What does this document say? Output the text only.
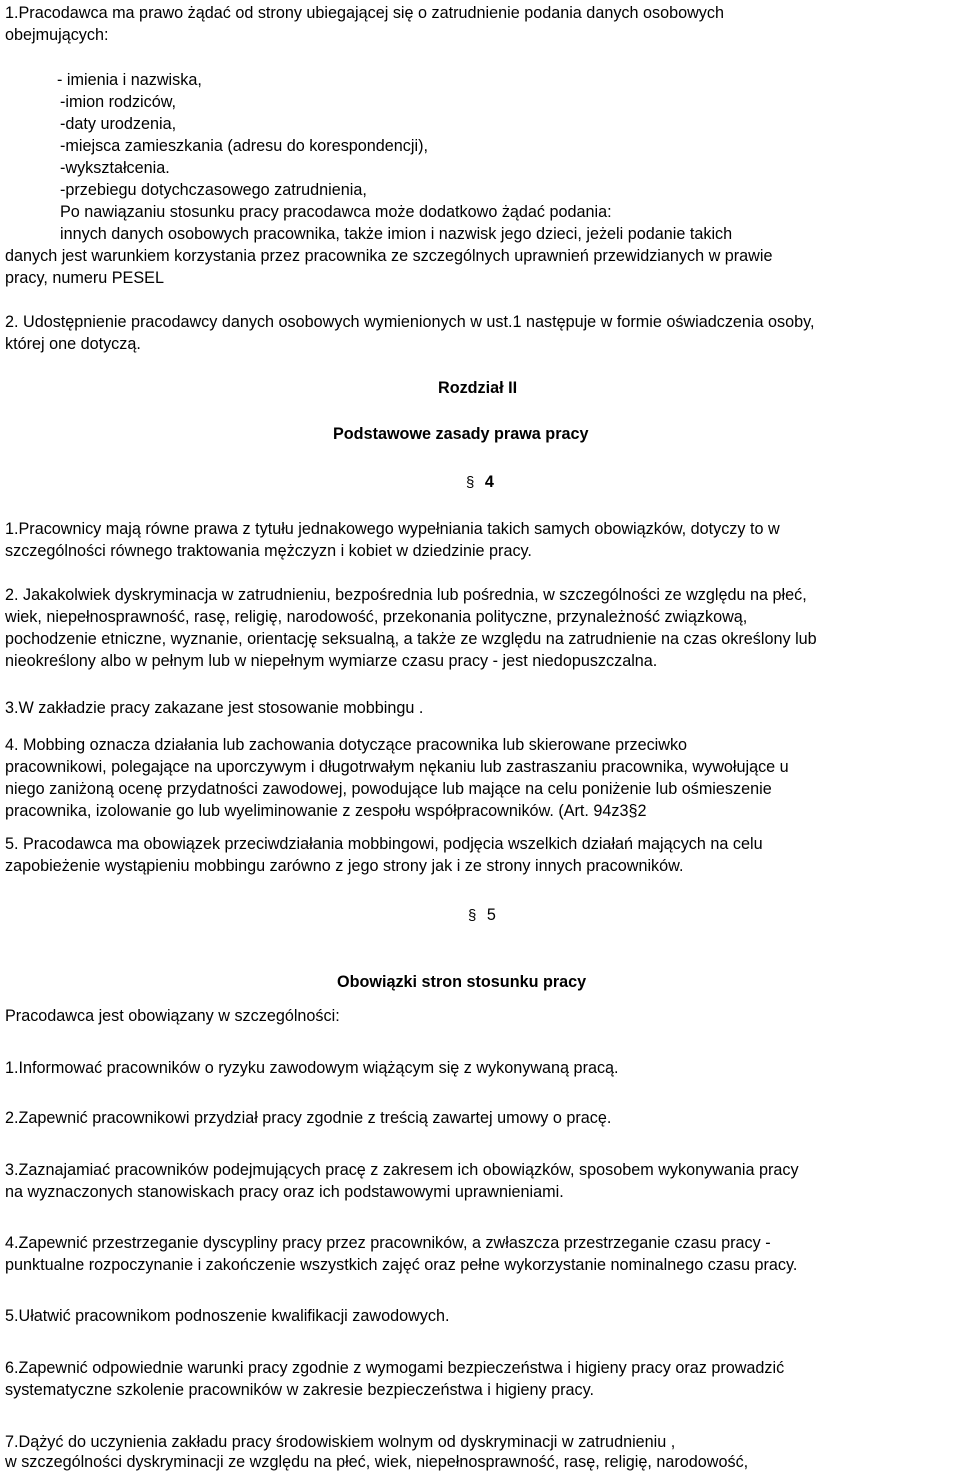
1.Pracodawca ma prawo żądać od strony ubiegającej się o zatrudnienie podania danych osobowych
obejmujących:
- imienia i nazwiska,
-imion rodziców,
-daty urodzenia,
-miejsca zamieszkania (adresu do korespondencji),
-wykształcenia.
-przebiegu dotychczasowego zatrudnienia,
Po nawiązaniu stosunku pracy pracodawca może dodatkowo żądać podania:
innych danych osobowych pracownika, także imion i nazwisk jego dzieci, jeżeli podanie takich
danych jest warunkiem korzystania przez pracownika ze szczególnych uprawnień przewidzianych w prawie
pracy, numeru PESEL
2. Udostępnienie pracodawcy danych osobowych wymienionych w ust.1 następuje w formie oświadczenia osoby,
której one dotyczą.
Rozdział II
Podstawowe zasady prawa pracy
§ 4
1.Pracownicy mają równe prawa z tytułu jednakowego wypełniania takich samych obowiązków, dotyczy to w
szczególności równego traktowania mężczyzn i kobiet w dziedzinie pracy.
2. Jakakolwiek dyskryminacja w zatrudnieniu, bezpośrednia lub pośrednia, w szczególności ze względu na płeć,
wiek, niepełnosprawność, rasę, religię, narodowość, przekonania polityczne, przynależność związkową,
pochodzenie etniczne, wyznanie, orientację seksualną, a także ze względu na zatrudnienie na czas określony lub
nieokreślony albo w pełnym lub w niepełnym wymiarze czasu pracy - jest niedopuszczalna.
3.W zakładzie pracy zakazane jest stosowanie mobbingu .
4. Mobbing oznacza działania lub zachowania dotyczące pracownika lub skierowane przeciwko
pracownikowi, polegające na uporczywym i długotrwałym nękaniu lub zastraszaniu pracownika, wywołujące u
niego zaniżoną ocenę przydatności zawodowej, powodujące lub mające na celu poniżenie lub ośmieszenie
pracownika, izolowanie go lub wyeliminowanie z zespołu współpracowników. (Art. 94z3§2
5. Pracodawca ma obowiązek przeciwdziałania mobbingowi, podjęcia wszelkich działań mających na celu
zapobieżenie wystąpieniu mobbingu zarówno z jego strony jak i ze strony innych pracowników.
§ 5
Obowiązki stron stosunku pracy
Pracodawca jest obowiązany w szczególności:
1.Informować pracowników o ryzyku zawodowym wiążącym się z wykonywaną pracą.
2.Zapewnić pracownikowi przydział pracy zgodnie z treścią zawartej umowy o pracę.
3.Zaznajamiać pracowników podejmujących pracę z zakresem ich obowiązków, sposobem wykonywania pracy
na wyznaczonych stanowiskach pracy oraz ich podstawowymi uprawnieniami.
4.Zapewnić przestrzeganie dyscypliny pracy przez pracowników, a zwłaszcza przestrzeganie czasu pracy -
punktualne rozpoczynanie i zakończenie wszystkich zajęć oraz pełne wykorzystanie nominalnego czasu pracy.
5.Ułatwić pracownikom podnoszenie kwalifikacji zawodowych.
6.Zapewnić odpowiednie warunki pracy zgodnie z wymogami bezpieczeństwa i higieny pracy oraz prowadzić
systematyczne szkolenie pracowników w zakresie bezpieczeństwa i higieny pracy.
7.Dążyć do uczynienia zakładu pracy środowiskiem wolnym od dyskryminacji w zatrudnieniu ,
w szczególności dyskryminacji ze względu na płeć, wiek, niepełnosprawność, rasę, religię, narodowość,
